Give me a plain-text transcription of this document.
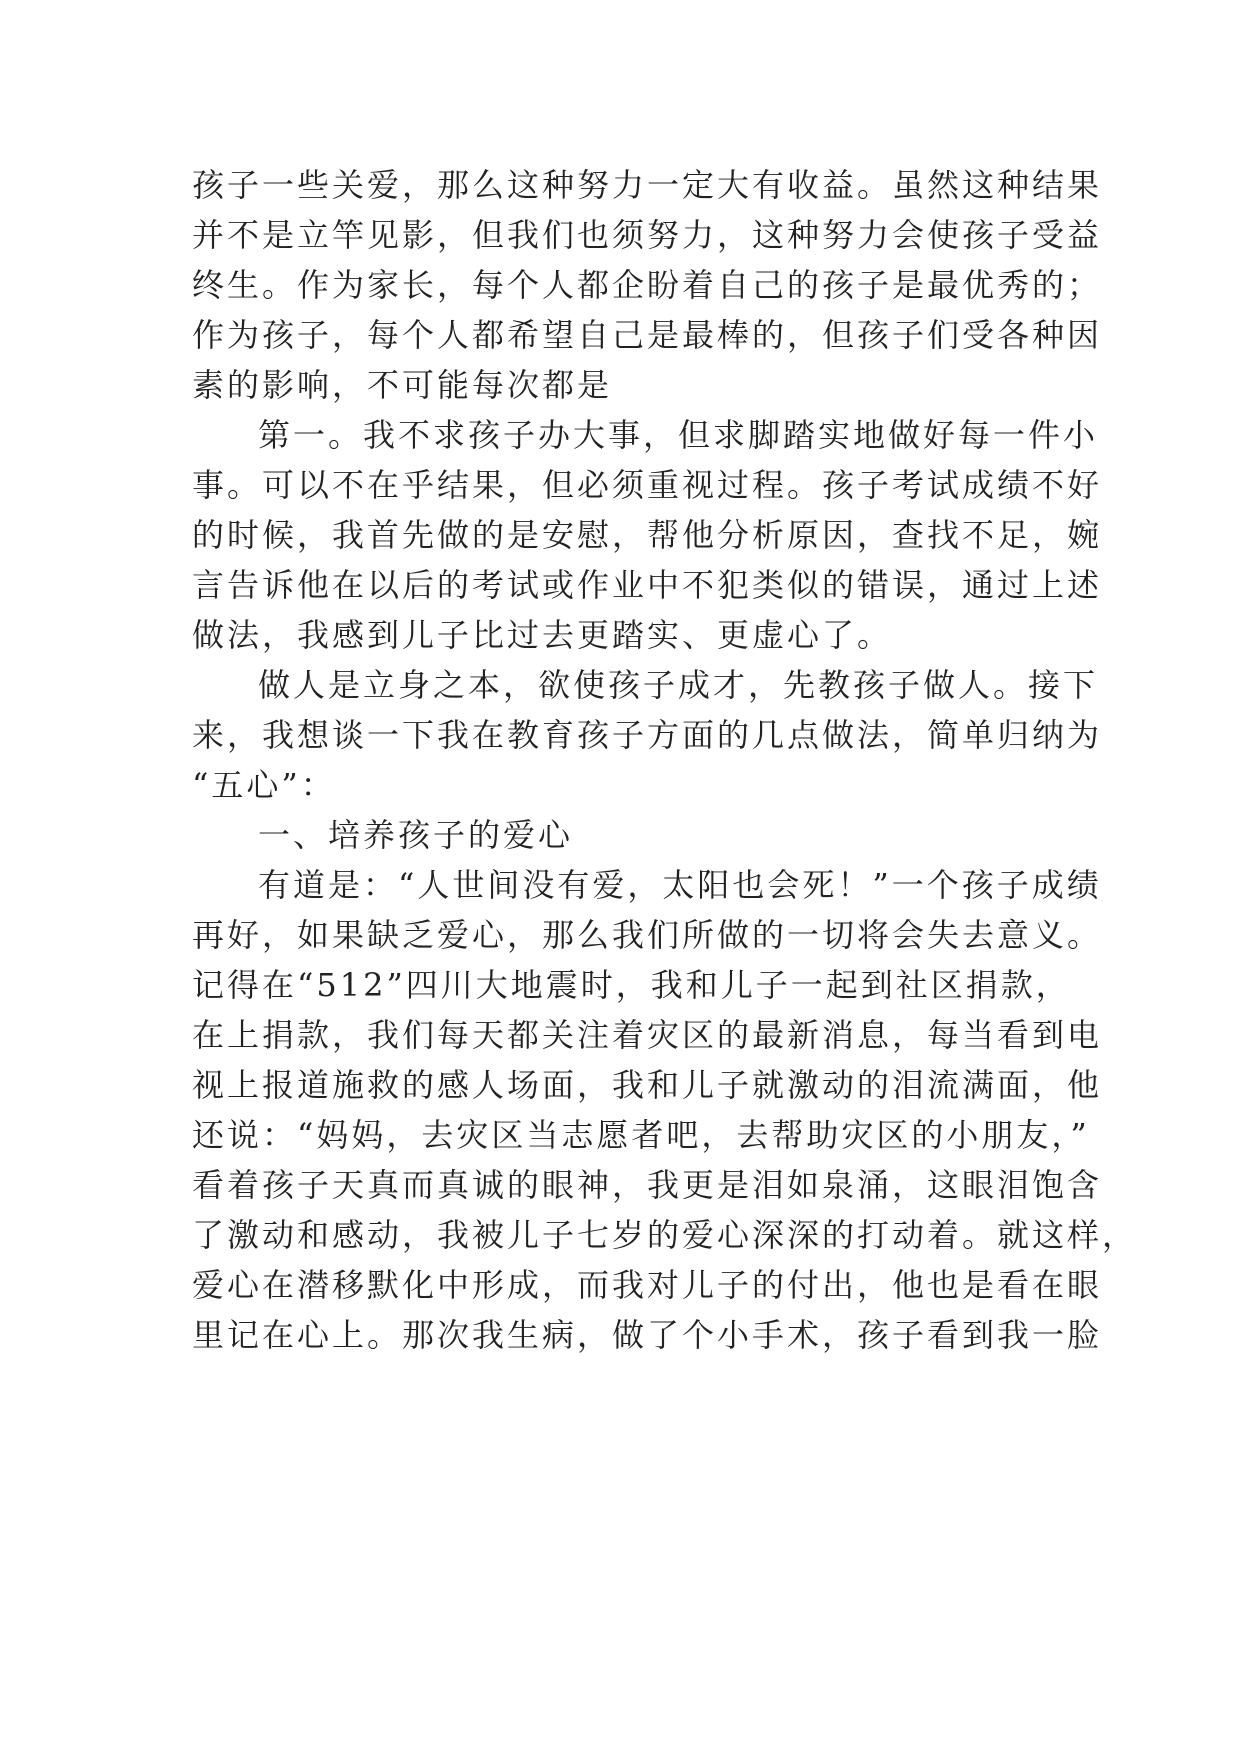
孩子一些关爱，那么这种努力一定大有收益。虽然这种结果
并不是立竿见影，但我们也须努力，这种努力会使孩子受益
终生。作为家长，每个人都企盼着自己的孩子是最优秀的；
作为孩子，每个人都希望自己是最棒的，但孩子们受各种因
素的影响，不可能每次都是
第一。我不求孩子办大事，但求脚踏实地做好每一件小
事。可以不在乎结果，但必须重视过程。孩子考试成绩不好
的时候，我首先做的是安慰，帮他分析原因，查找不足，婉
言告诉他在以后的考试或作业中不犯类似的错误，通过上述
做法，我感到儿子比过去更踏实、更虚心了。
做人是立身之本，欲使孩子成才，先教孩子做人。接下
来，我想谈一下我在教育孩子方面的几点做法，简单归纳为
“五心”：
一、培养孩子的爱心
有道是：“人世间没有爱，太阳也会死！”一个孩子成绩
再好，如果缺乏爱心，那么我们所做的一切将会失去意义。
记得在“512”四川大地震时，我和儿子一起到社区捐款，
在上捐款，我们每天都关注着灾区的最新消息，每当看到电
视上报道施救的感人场面，我和儿子就激动的泪流满面，他
还说：“妈妈，去灾区当志愿者吧，去帮助灾区的小朋友，”
看着孩子天真而真诚的眼神，我更是泪如泉涌，这眼泪饱含
了激动和感动，我被儿子七岁的爱心深深的打动着。就这样，
爱心在潜移默化中形成，而我对儿子的付出，他也是看在眼
里记在心上。那次我生病，做了个小手术，孩子看到我一脸
